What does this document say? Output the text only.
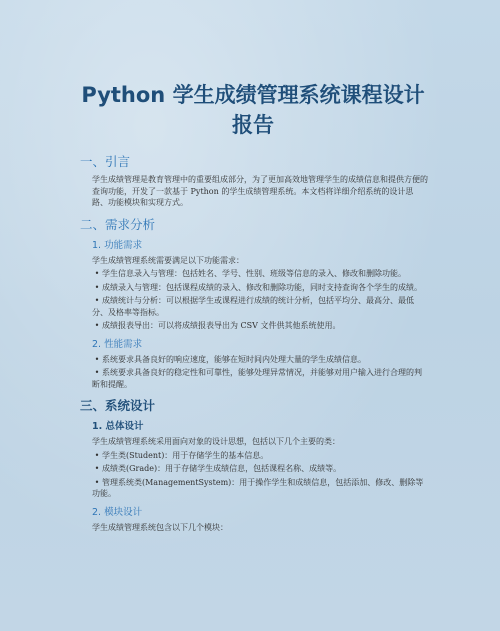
Python 学生成绩管理系统课程设计
报告
一、引言

学生成绩管理是教育管理中的重要组成部分，为了更加高效地管理学生的成绩信息和提供方便的查询功能，开发了一款基于 Python 的学生成绩管理系统。本文档将详细介绍系统的设计思路、功能模块和实现方式。

二、需求分析
1. 功能需求

学生成绩管理系统需要满足以下功能需求：

• 学生信息录入与管理：包括姓名、学号、性别、班级等信息的录入、修改和删除功能。
• 成绩录入与管理：包括课程成绩的录入、修改和删除功能，同时支持查询各个学生的成绩。
• 成绩统计与分析：可以根据学生或课程进行成绩的统计分析，包括平均分、最高分、最低分、及格率等指标。
• 成绩报表导出：可以将成绩报表导出为 CSV 文件供其他系统使用。
2. 性能需求
• 系统要求具备良好的响应速度，能够在短时间内处理大量的学生成绩信息。
• 系统要求具备良好的稳定性和可靠性，能够处理异常情况，并能够对用户输入进行合理的判断和提醒。
三、系统设计
1. 总体设计

学生成绩管理系统采用面向对象的设计思想，包括以下几个主要的类：

• 学生类(Student)：用于存储学生的基本信息。
• 成绩类(Grade)：用于存储学生成绩信息，包括课程名称、成绩等。
• 管理系统类(ManagementSystem)：用于操作学生和成绩信息，包括添加、修改、删除等功能。
2. 模块设计

学生成绩管理系统包含以下几个模块：
